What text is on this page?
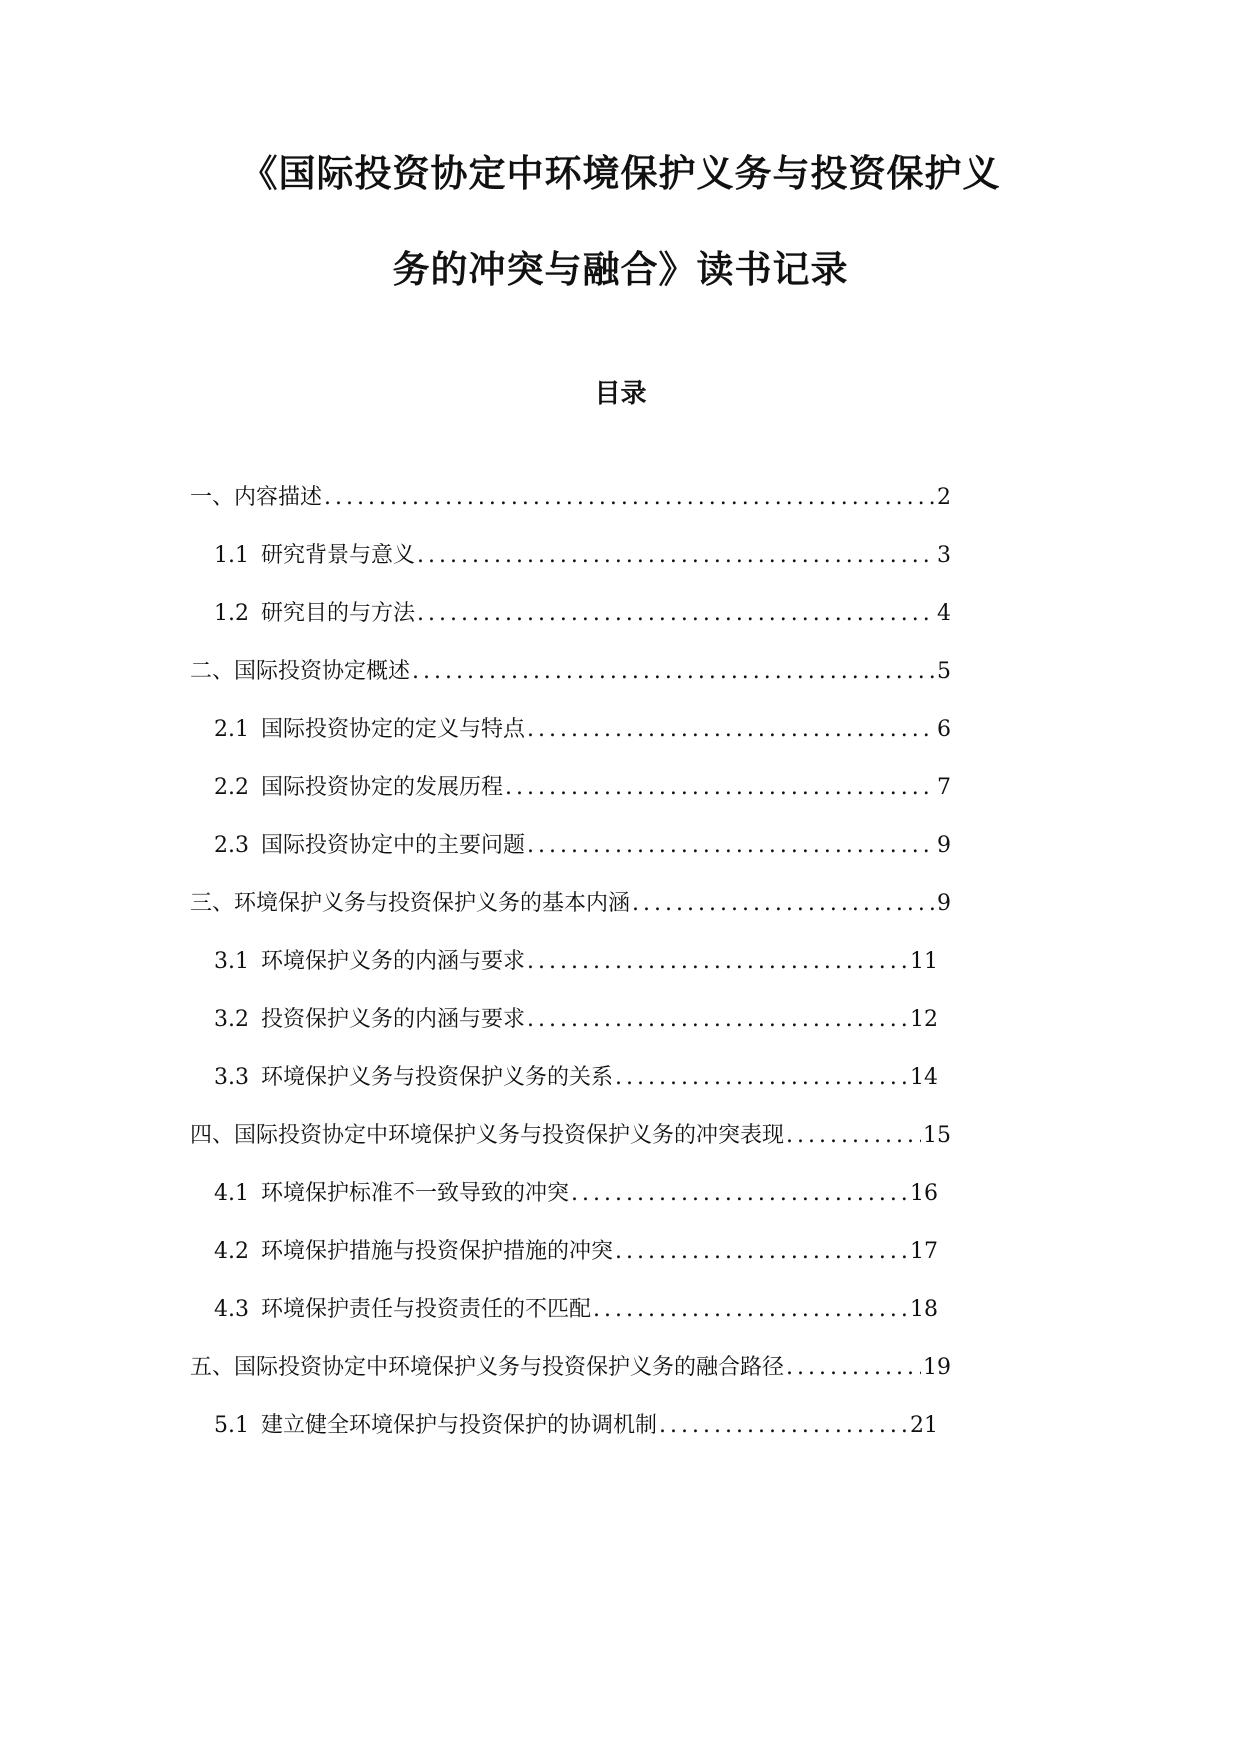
《国际投资协定中环境保护义务与投资保护义
务的冲突与融合》读书记录
目录
一、内容描述 .....	2
1.1 研究背景与意义 .....	3
1.2 研究目的与方法 .....	4
二、国际投资协定概述 .....	5
2.1 国际投资协定的定义与特点 .....	6
2.2 国际投资协定的发展历程 .....	7
2.3 国际投资协定中的主要问题 .....	9
三、环境保护义务与投资保护义务的基本内涵 .....	9
3.1 环境保护义务的内涵与要求 .....	11
3.2 投资保护义务的内涵与要求 .....	12
3.3 环境保护义务与投资保护义务的关系 .....	14
四、国际投资协定中环境保护义务与投资保护义务的冲突表现 .....	15
4.1 环境保护标准不一致导致的冲突 .....	16
4.2 环境保护措施与投资保护措施的冲突 .....	17
4.3 环境保护责任与投资责任的不匹配 .....	18
五、国际投资协定中环境保护义务与投资保护义务的融合路径 .....	19
5.1 建立健全环境保护与投资保护的协调机制 .....	21
